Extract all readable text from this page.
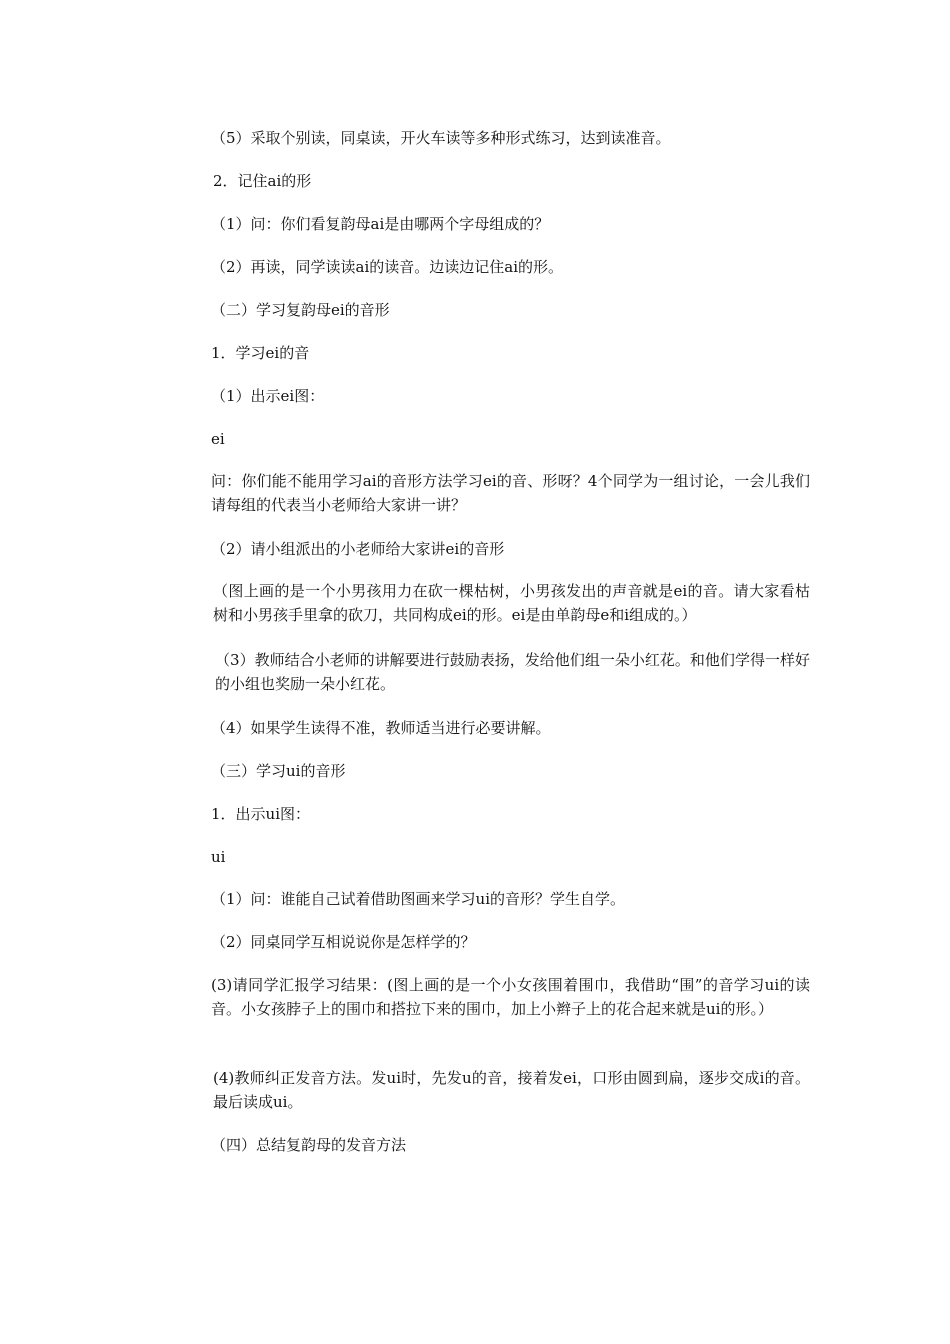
（5）采取个别读，同桌读，开火车读等多种形式练习，达到读准音。

2．记住ai的形

（1）问：你们看复韵母ai是由哪两个字母组成的？

（2）再读，同学读读ai的读音。边读边记住ai的形。

（二）学习复韵母ei的音形

1．学习ei的音

（1）出示ei图：

ei

问：你们能不能用学习ai的音形方法学习ei的音、形呀？4个同学为一组讨论，一会儿我们请每组的代表当小老师给大家讲一讲？

（2）请小组派出的小老师给大家讲ei的音形

（图上画的是一个小男孩用力在砍一棵枯树，小男孩发出的声音就是ei的音。请大家看枯树和小男孩手里拿的砍刀，共同构成ei的形。ei是由单韵母e和i组成的。）

（3）教师结合小老师的讲解要进行鼓励表扬，发给他们组一朵小红花。和他们学得一样好的小组也奖励一朵小红花。

（4）如果学生读得不准，教师适当进行必要讲解。

（三）学习ui的音形

1．出示ui图：

ui

（1）问：谁能自己试着借助图画来学习ui的音形？学生自学。

（2）同桌同学互相说说你是怎样学的？

(3)请同学汇报学习结果：(图上画的是一个小女孩围着围巾，我借助“围”的音学习ui的读音。小女孩脖子上的围巾和搭拉下来的围巾，加上小辫子上的花合起来就是ui的形。）

(4)教师纠正发音方法。发ui时，先发u的音，接着发ei，口形由圆到扁，逐步交成i的音。最后读成ui。

（四）总结复韵母的发音方法
